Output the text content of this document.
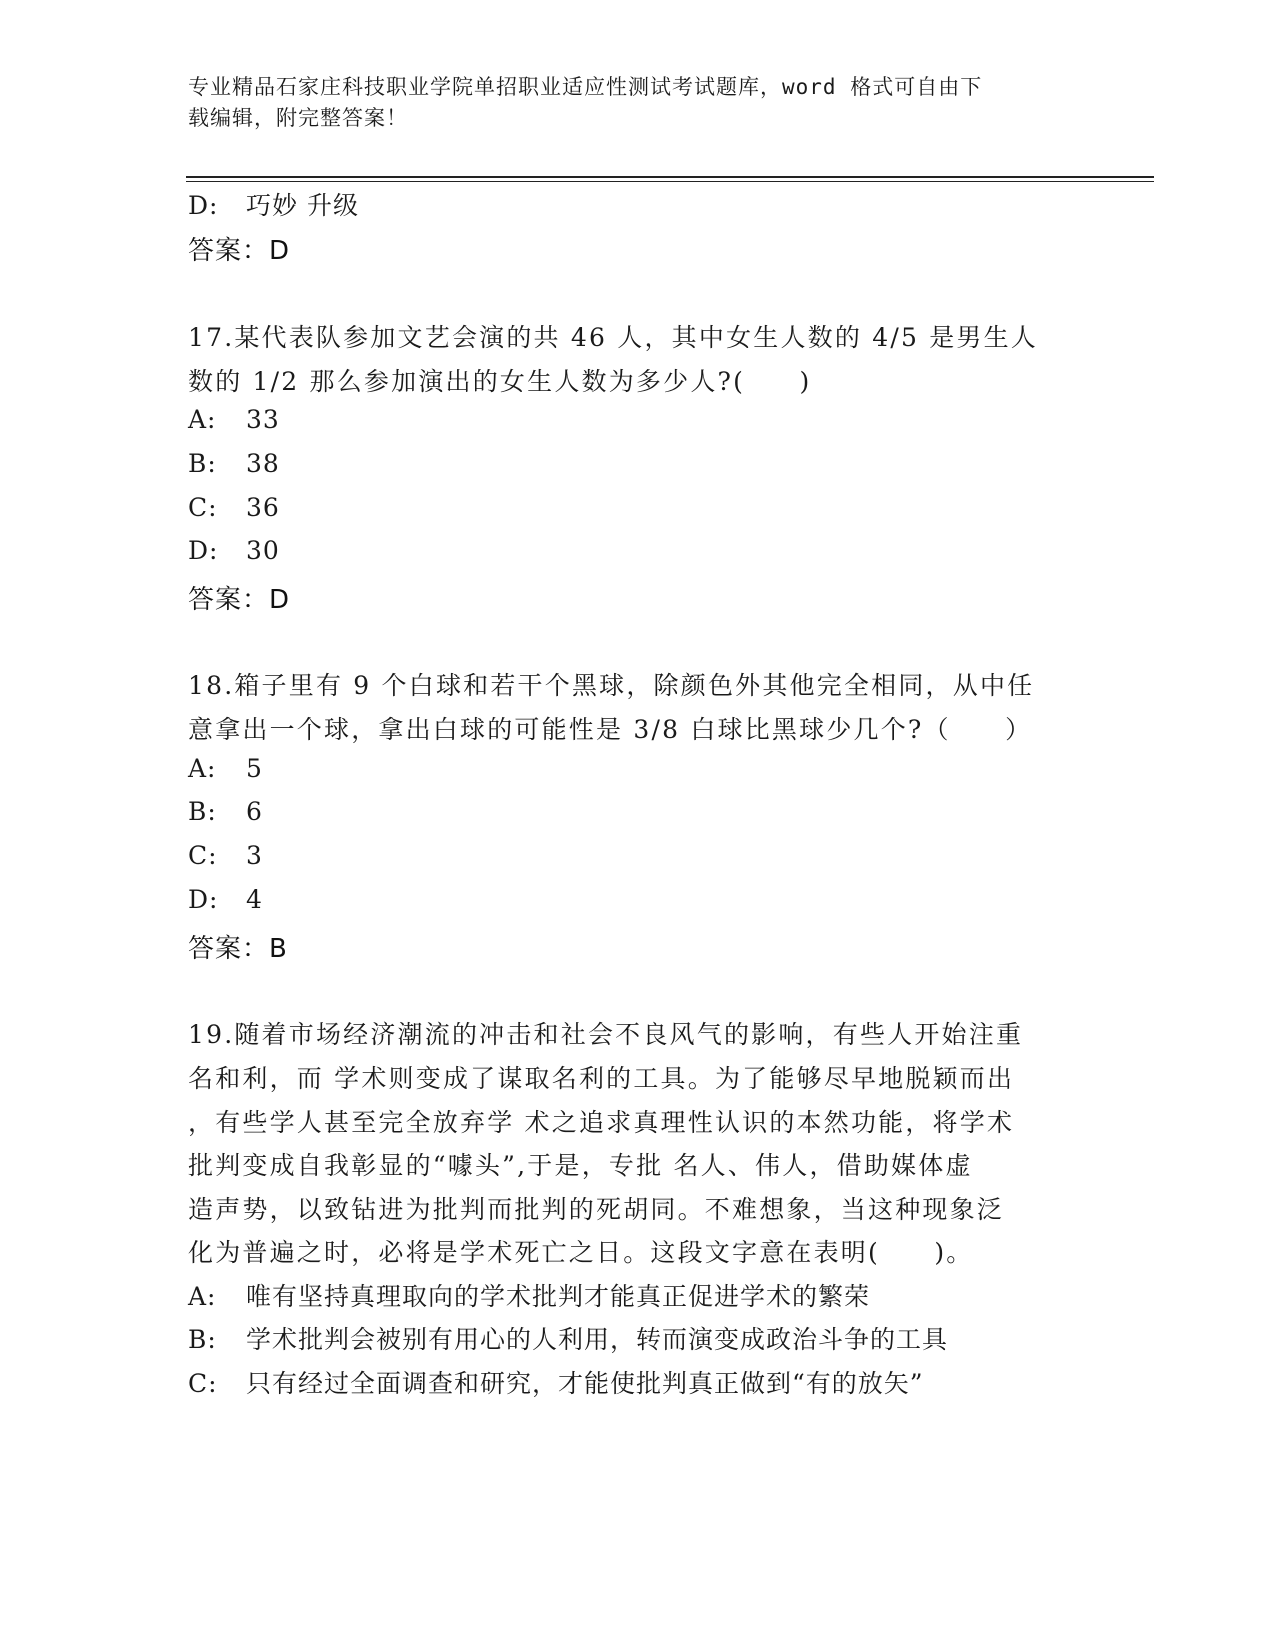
专业精品石家庄科技职业学院单招职业适应性测试考试题库，word 格式可自由下
载编辑，附完整答案！
D: 巧妙 升级
答案：D
17.某代表队参加文艺会演的共 46 人，其中女生人数的 4/5 是男生人
数的 1/2 那么参加演出的女生人数为多少人?(　　)
A: 33
B: 38
C: 36
D: 30
答案：D
18.箱子里有 9 个白球和若干个黑球，除颜色外其他完全相同，从中任
意拿出一个球，拿出白球的可能性是 3/8 白球比黑球少几个?（　　）
A: 5
B: 6
C: 3
D: 4
答案：B
19.随着市场经济潮流的冲击和社会不良风气的影响，有些人开始注重
名和利，而 学术则变成了谋取名利的工具。为了能够尽早地脱颖而出
，有些学人甚至完全放弃学 术之追求真理性认识的本然功能，将学术
批判变成自我彰显的“噱头”,于是，专批 名人、伟人，借助媒体虚
造声势，以致钻进为批判而批判的死胡同。不难想象，当这种现象泛
化为普遍之时，必将是学术死亡之日。这段文字意在表明(　　)。
A: 唯有坚持真理取向的学术批判才能真正促进学术的繁荣
B: 学术批判会被别有用心的人利用，转而演变成政治斗争的工具
C: 只有经过全面调查和研究，才能使批判真正做到“有的放矢”
